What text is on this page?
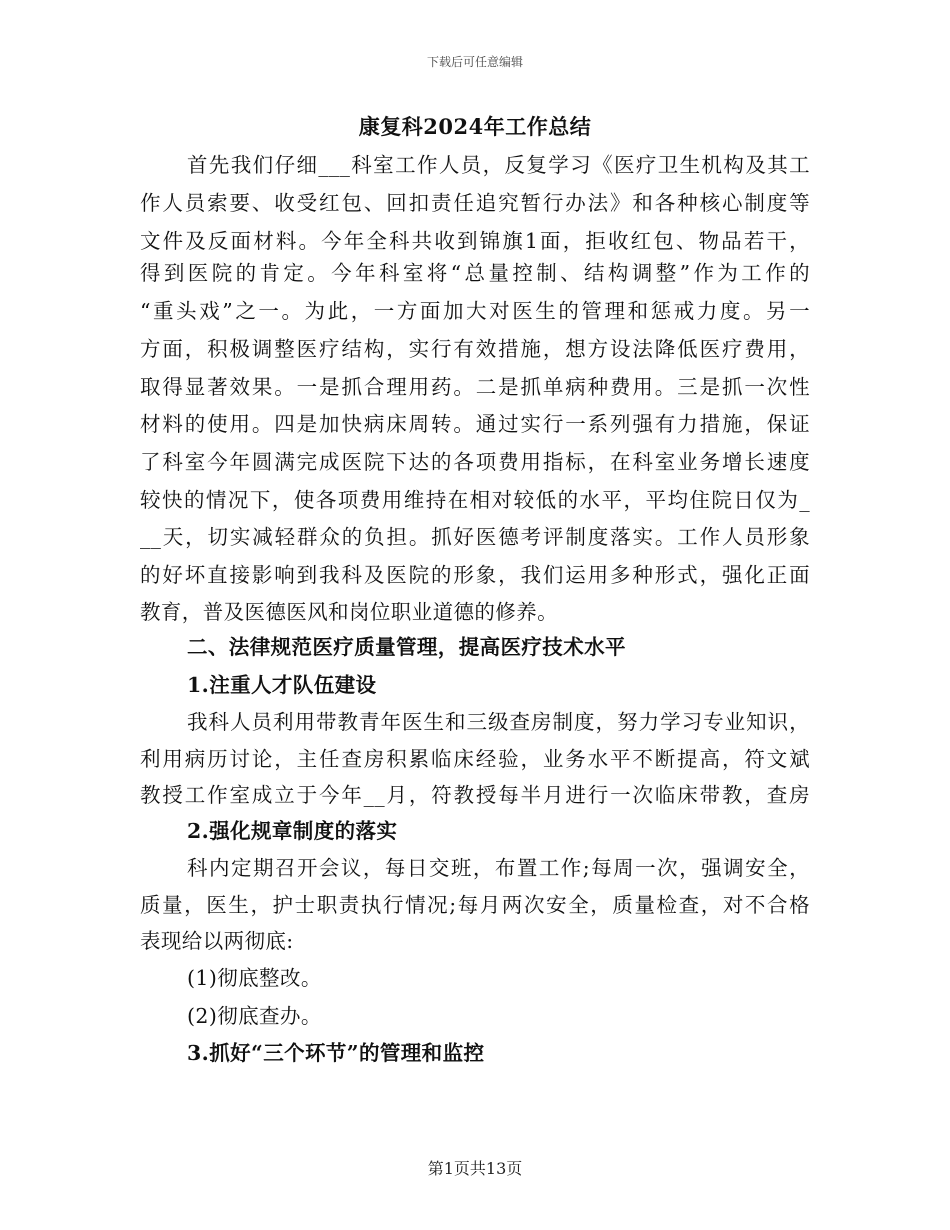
下载后可任意编辑
康复科2024年工作总结
首先我们仔细___科室工作人员，反复学习《医疗卫生机构及其工
作人员索要、收受红包、回扣责任追究暂行办法》和各种核心制度等
文件及反面材料。今年全科共收到锦旗1面，拒收红包、物品若干，
得到医院的肯定。今年科室将“总量控制、结构调整”作为工作的
“重头戏”之一。为此，一方面加大对医生的管理和惩戒力度。另一
方面，积极调整医疗结构，实行有效措施，想方设法降低医疗费用，
取得显著效果。一是抓合理用药。二是抓单病种费用。三是抓一次性
材料的使用。四是加快病床周转。通过实行一系列强有力措施，保证
了科室今年圆满完成医院下达的各项费用指标，在科室业务增长速度
较快的情况下，使各项费用维持在相对较低的水平，平均住院日仅为_
__天，切实减轻群众的负担。抓好医德考评制度落实。工作人员形象
的好坏直接影响到我科及医院的形象，我们运用多种形式，强化正面
教育，普及医德医风和岗位职业道德的修养。
二、法律规范医疗质量管理，提高医疗技术水平
1.注重人才队伍建设
我科人员利用带教青年医生和三级查房制度，努力学习专业知识，
利用病历讨论，主任查房积累临床经验，业务水平不断提高，符文斌
教授工作室成立于今年__月，符教授每半月进行一次临床带教，查房
2.强化规章制度的落实
科内定期召开会议，每日交班，布置工作;每周一次，强调安全，
质量，医生，护士职责执行情况;每月两次安全，质量检查，对不合格
表现给以两彻底:
(1)彻底整改。
(2)彻底查办。
3.抓好“三个环节”的管理和监控
第1页共13页
